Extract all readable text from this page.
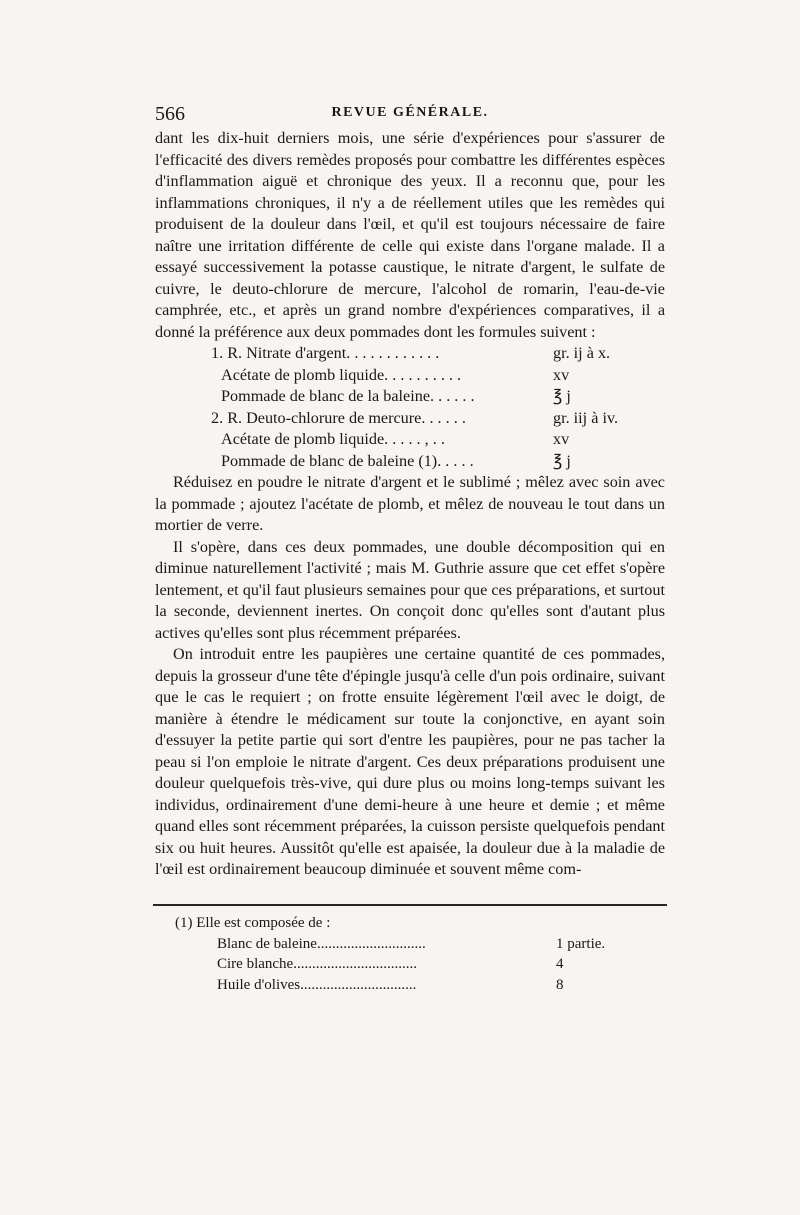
566	REVUE GÉNÉRALE.

dant les dix-huit derniers mois, une série d'expériences pour s'assurer de l'efficacité des divers remèdes proposés pour combattre les différentes espèces d'inflammation aiguë et chronique des yeux. Il a reconnu que, pour les inflammations chroniques, il n'y a de réellement utiles que les remèdes qui produisent de la douleur dans l'œil, et qu'il est toujours nécessaire de faire naître une irritation différente de celle qui existe dans l'organe malade. Il a essayé successivement la potasse caustique, le nitrate d'argent, le sulfate de cuivre, le deuto-chlorure de mercure, l'alcohol de romarin, l'eau-de-vie camphrée, etc., et après un grand nombre d'expériences comparatives, il a donné la préférence aux deux pommades dont les formules suivent :

1. R. Nitrate d'argent. . . . . . . . . . . .	gr. ij à x.
Acétate de plomb liquide. . . . . . . . . .	xv
Pommade de blanc de la baleine. . . . . .	℥ j
2. R. Deuto-chlorure de mercure. . . . . .	gr. iij à iv.
Acétate de plomb liquide. . . . . , . .	xv
Pommade de blanc de baleine (1). . . . .	℥ j

Réduisez en poudre le nitrate d'argent et le sublimé ; mêlez avec soin avec la pommade ; ajoutez l'acétate de plomb, et mêlez de nouveau le tout dans un mortier de verre.

Il s'opère, dans ces deux pommades, une double décomposition qui en diminue naturellement l'activité ; mais M. Guthrie assure que cet effet s'opère lentement, et qu'il faut plusieurs semaines pour que ces préparations, et surtout la seconde, deviennent inertes. On conçoit donc qu'elles sont d'autant plus actives qu'elles sont plus récemment préparées.

On introduit entre les paupières une certaine quantité de ces pommades, depuis la grosseur d'une tête d'épingle jusqu'à celle d'un pois ordinaire, suivant que le cas le requiert ; on frotte ensuite légèrement l'œil avec le doigt, de manière à étendre le médicament sur toute la conjonctive, en ayant soin d'essuyer la petite partie qui sort d'entre les paupières, pour ne pas tacher la peau si l'on emploie le nitrate d'argent. Ces deux préparations produisent une douleur quelquefois très-vive, qui dure plus ou moins long-temps suivant les individus, ordinairement d'une demi-heure à une heure et demie ; et même quand elles sont récemment préparées, la cuisson persiste quelquefois pendant six ou huit heures. Aussitôt qu'elle est apaisée, la douleur due à la maladie de l'œil est ordinairement beaucoup diminuée et souvent même com-

(1) Elle est composée de :

Blanc de baleine.............................	1 partie.
Cire blanche.................................	4
Huile d'olives...............................	8
